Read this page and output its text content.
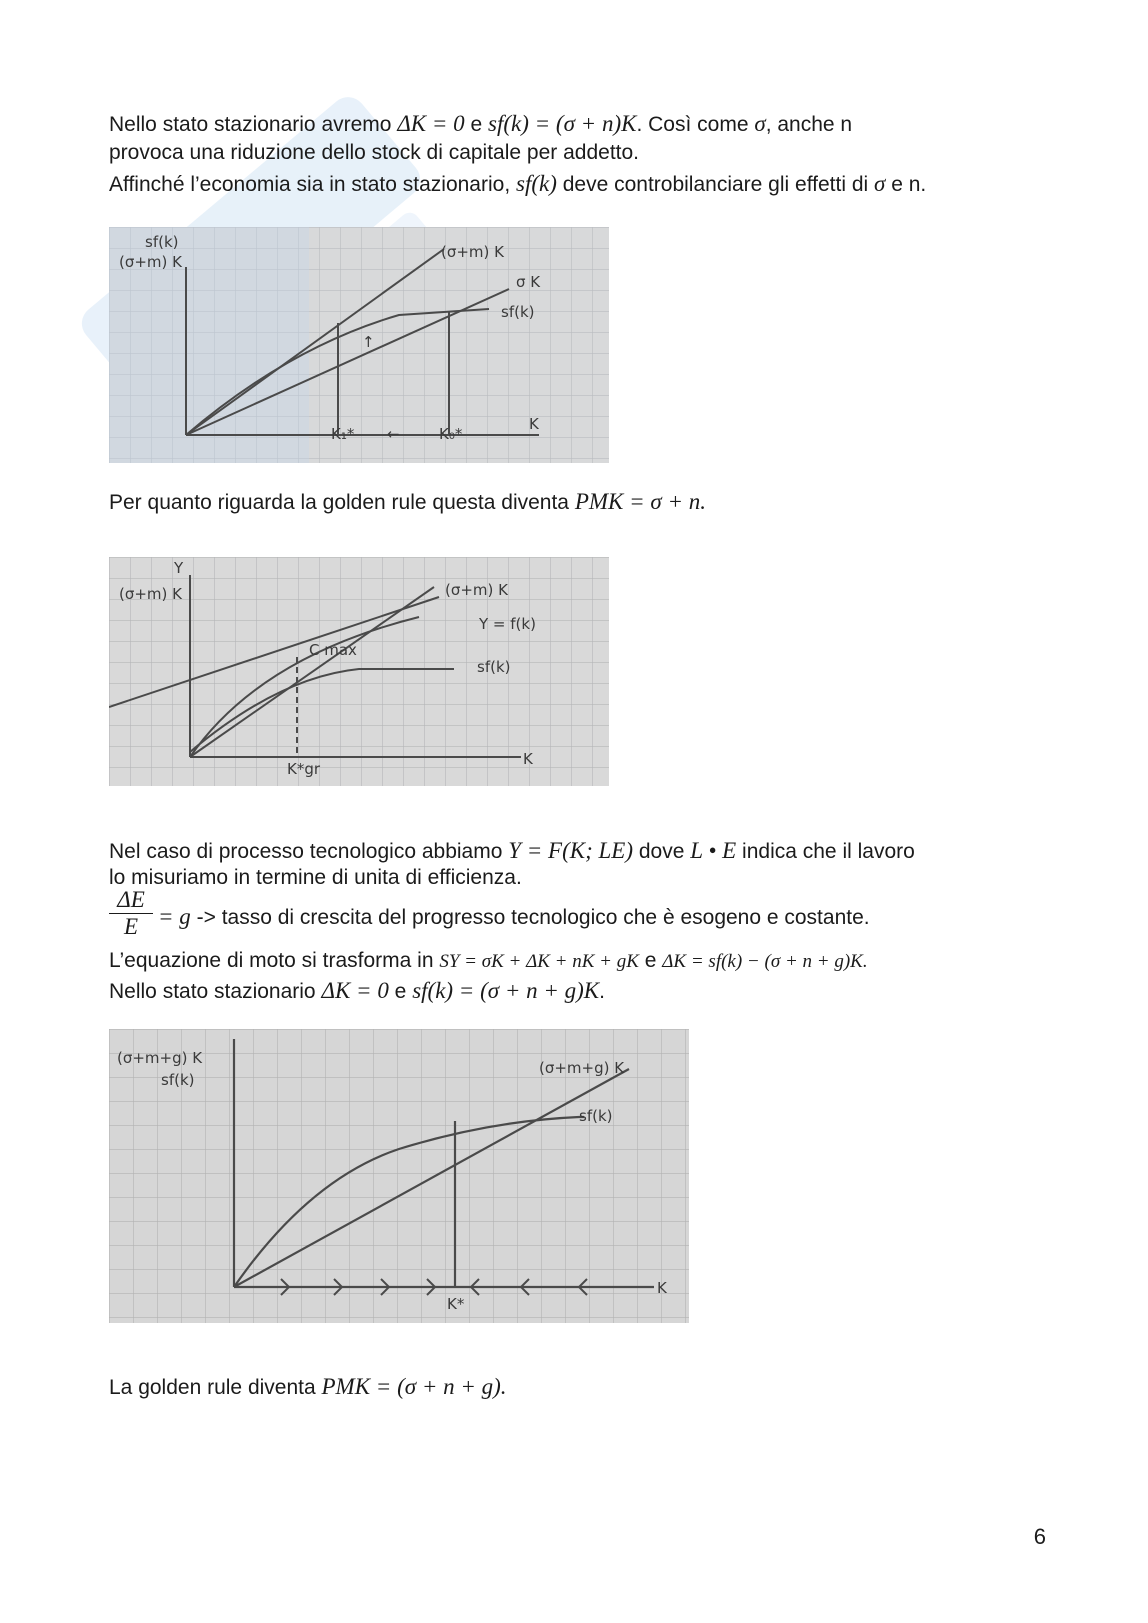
Nello stato stazionario avremo ΔK = 0 e sf(k) = (σ + n)K. Così come σ, anche n
provoca una riduzione dello stock di capitale per addetto.
Affinché l’economia sia in stato stazionario, sf(k) deve controbilanciare gli effetti di σ e n.
sf(k)
(σ+m) K
(σ+m) K
σ K
sf(k)
↑
←
K₁*	K₀*
K
Per quanto riguarda la golden rule questa diventa PMK = σ + n.
Y
(σ+m) K	(σ+m) K
Y = f(k)
sf(k)
C max
K*gr
K
Nel caso di processo tecnologico abbiamo Y = F(K; LE) dove L • E indica che il lavoro
lo misuriamo in termine di unita di efficienza.
$\frac{\Delta E}{E} = g$ -> tasso di crescita del progresso tecnologico che è esogeno e costante.
L’equazione di moto si trasforma in SY = σK + ΔK + nK + gK e ΔK = sf(k) − (σ + n + g)K.
Nello stato stazionario ΔK = 0 e sf(k) = (σ + n + g)K.
(σ+m+g) K
sf(k)
(σ+m+g) K
sf(k)
K*
K
La golden rule diventa PMK = (σ + n + g).
6
